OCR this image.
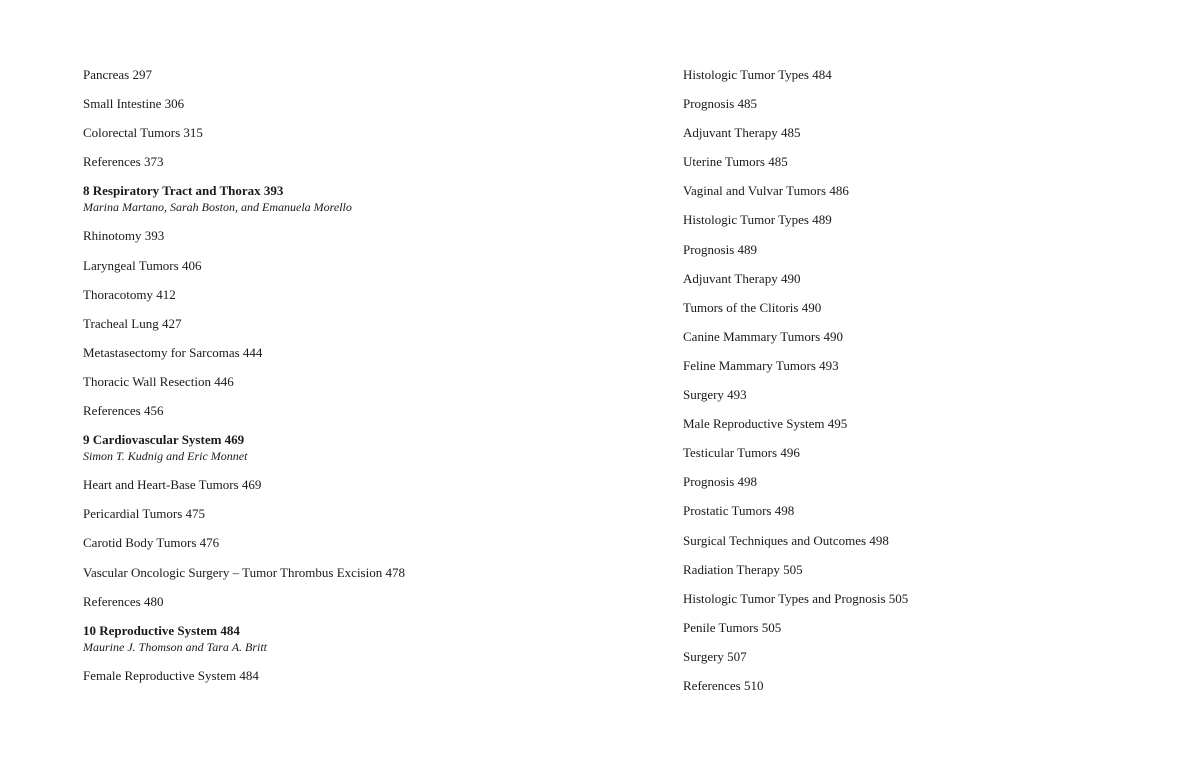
Pancreas 297
Small Intestine 306
Colorectal Tumors 315
References 373
8 Respiratory Tract and Thorax 393
Marina Martano, Sarah Boston, and Emanuela Morello
Rhinotomy 393
Laryngeal Tumors 406
Thoracotomy 412
Tracheal Lung 427
Metastasectomy for Sarcomas 444
Thoracic Wall Resection 446
References 456
9 Cardiovascular System 469
Simon T. Kudnig and Eric Monnet
Heart and Heart-Base Tumors 469
Pericardial Tumors 475
Carotid Body Tumors 476
Vascular Oncologic Surgery – Tumor Thrombus Excision 478
References 480
10 Reproductive System 484
Maurine J. Thomson and Tara A. Britt
Female Reproductive System 484
Histologic Tumor Types 484
Prognosis 485
Adjuvant Therapy 485
Uterine Tumors 485
Vaginal and Vulvar Tumors 486
Histologic Tumor Types 489
Prognosis 489
Adjuvant Therapy 490
Tumors of the Clitoris 490
Canine Mammary Tumors 490
Feline Mammary Tumors 493
Surgery 493
Male Reproductive System 495
Testicular Tumors 496
Prognosis 498
Prostatic Tumors 498
Surgical Techniques and Outcomes 498
Radiation Therapy 505
Histologic Tumor Types and Prognosis 505
Penile Tumors 505
Surgery 507
References 510
